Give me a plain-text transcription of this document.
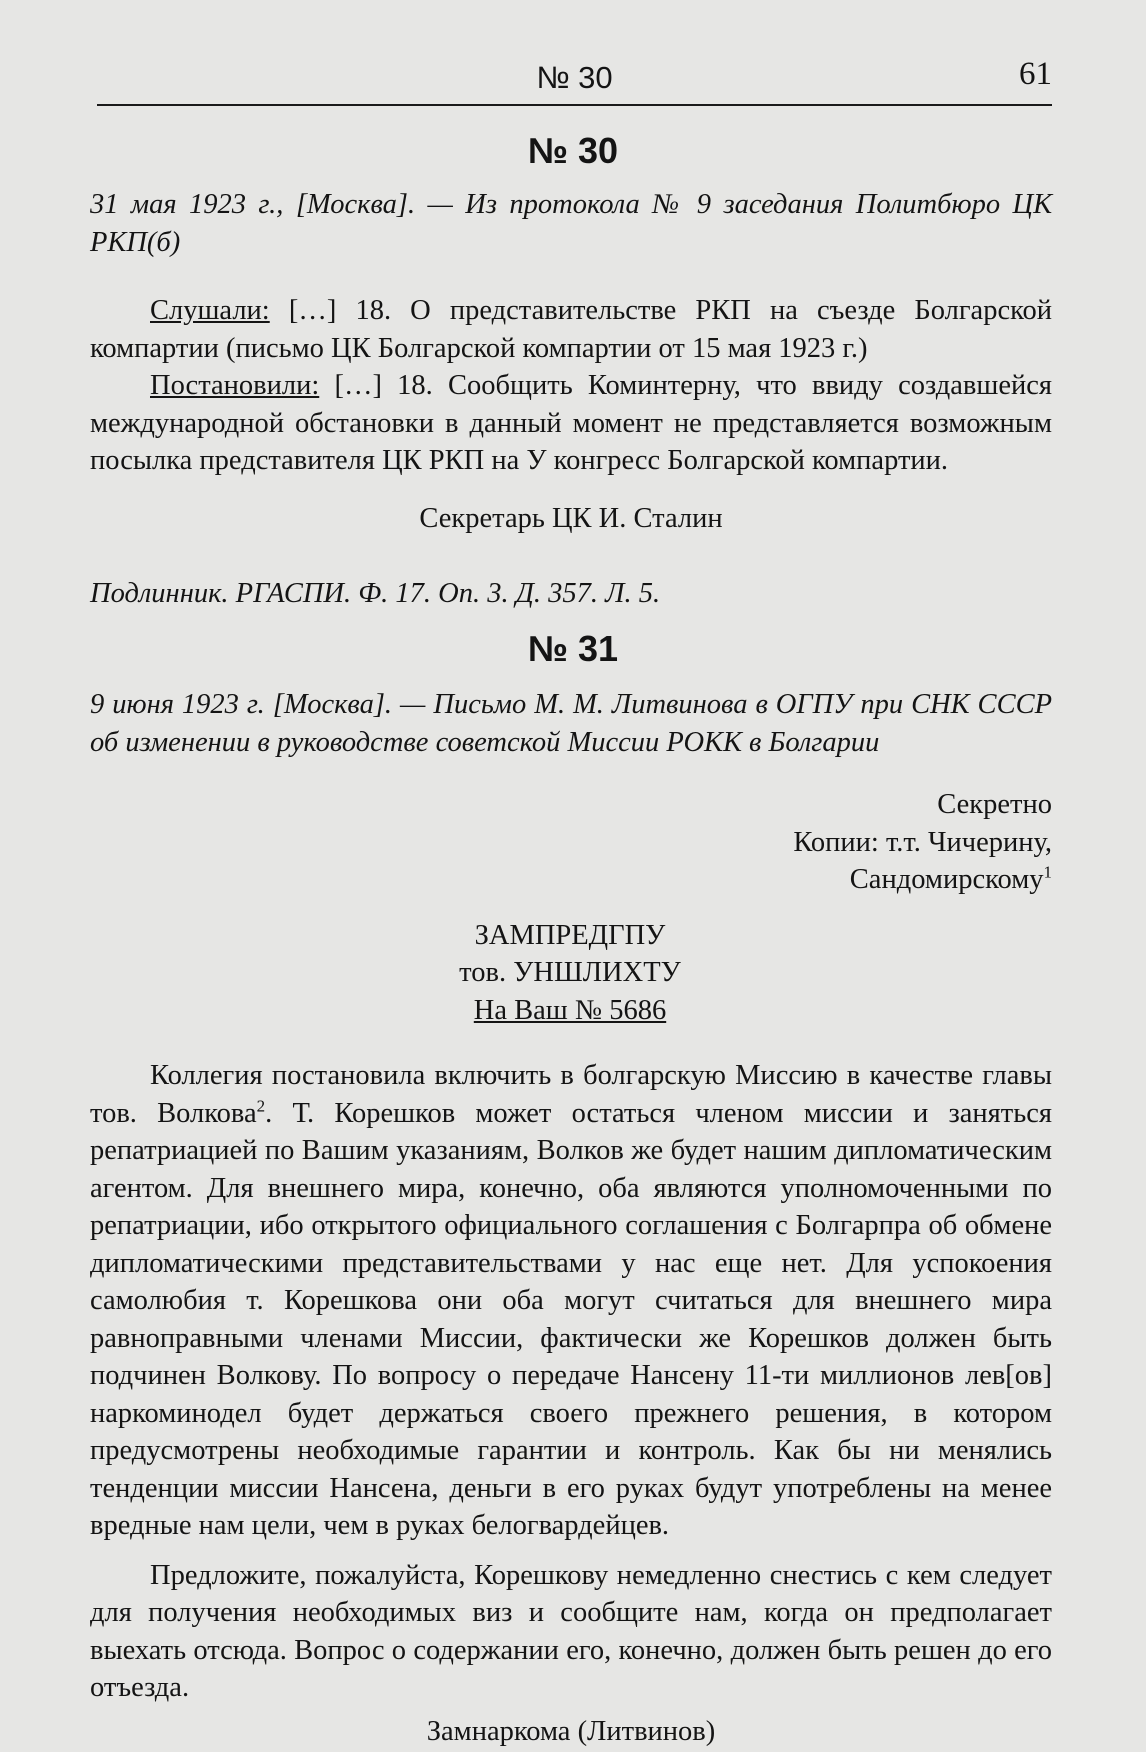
№ 30	61
№ 30

31 мая 1923 г., [Москва]. — Из протокола № 9 заседания Политбюро ЦК РКП(б)

Слушали: […] 18. О представительстве РКП на съезде Болгарской компартии (письмо ЦК Болгарской компартии от 15 мая 1923 г.)

Постановили: […] 18. Сообщить Коминтерну, что ввиду создавшейся международной обстановки в данный момент не представляется возможным посылка представителя ЦК РКП на У конгресс Болгарской компартии.

Секретарь ЦК И. Сталин

Подлинник. РГАСПИ. Ф. 17. Оп. 3. Д. 357. Л. 5.

№ 31

9 июня 1923 г. [Москва]. — Письмо М. М. Литвинова в ОГПУ при СНК СССР об изменении в руководстве советской Миссии РОКК в Болгарии

Секретно

Копии: т.т. Чичерину,

Сандомирскому$^1$

ЗАМПРЕДГПУ

тов. УНШЛИХТУ

На Ваш № 5686

Коллегия постановила включить в болгарскую Миссию в качестве главы тов. Волкова$^2$. Т. Корешков может остаться членом миссии и заняться репатриацией по Вашим указаниям, Волков же будет нашим дипломатическим агентом. Для внешнего мира, конечно, оба являются уполномоченными по репатриации, ибо открытого официального соглашения с Болгарпра об обмене дипломатическими представительствами у нас еще нет. Для успокоения самолюбия т. Корешкова они оба могут считаться для внешнего мира равноправными членами Миссии, фактически же Корешков должен быть подчинен Волкову. По вопросу о передаче Нансену 11-ти миллионов лев[ов] наркоминодел будет держаться своего прежнего решения, в котором предусмотрены необходимые гарантии и контроль. Как бы ни менялись тенденции миссии Нансена, деньги в его руках будут употреблены на менее вредные нам цели, чем в руках белогвардейцев.

Предложите, пожалуйста, Корешкову немедленно снестись с кем следует для получения необходимых виз и сообщите нам, когда он предполагает выехать отсюда. Вопрос о содержании его, конечно, должен быть решен до его отъезда.

Замнаркома (Литвинов)
